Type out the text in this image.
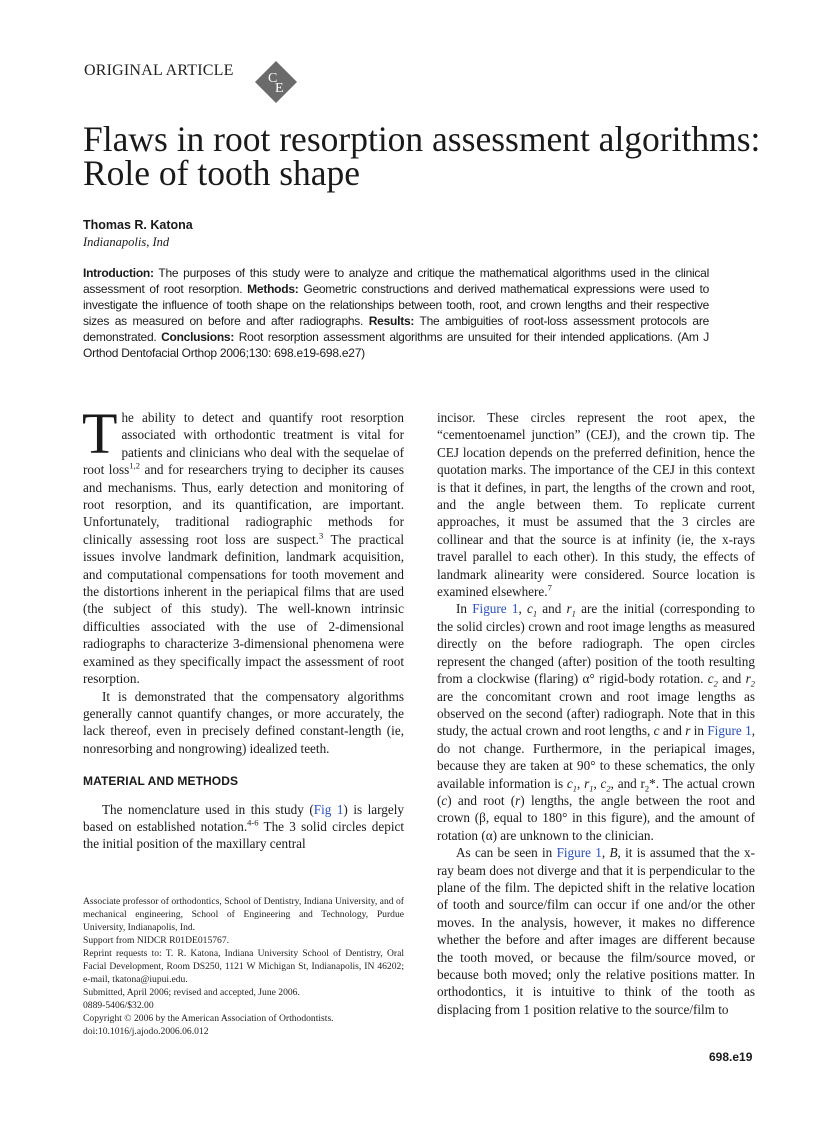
ORIGINAL ARTICLE C
E
Flaws in root resorption assessment algorithms:
Role of tooth shape
Thomas R. Katona
Indianapolis, Ind
Introduction: The purposes of this study were to analyze and critique the mathematical algorithms used in the clinical assessment of root resorption. Methods: Geometric constructions and derived mathematical expressions were used to investigate the influence of tooth shape on the relationships between tooth, root, and crown lengths and their respective sizes as measured on before and after radiographs. Results: The ambiguities of root-loss assessment protocols are demonstrated. Conclusions: Root resorption assessment algorithms are unsuited for their intended applications. (Am J Orthod Dentofacial Orthop 2006;130: 698.e19-698.e27)

The ability to detect and quantify root resorption associated with orthodontic treatment is vital for patients and clinicians who deal with the sequelae of root loss$^{1,2}$ and for researchers trying to decipher its causes and mechanisms. Thus, early detection and monitoring of root resorption, and its quantification, are important. Unfortunately, traditional radiographic methods for clinically assessing root loss are suspect.$^3$ The practical issues involve landmark definition, landmark acquisition, and computational compensations for tooth movement and the distortions inherent in the periapical films that are used (the subject of this study). The well-known intrinsic difficulties associated with the use of 2-dimensional radiographs to characterize 3-dimensional phenomena were examined as they specifically impact the assessment of root resorption.

It is demonstrated that the compensatory algorithms generally cannot quantify changes, or more accurately, the lack thereof, even in precisely defined constant-length (ie, nonresorbing and nongrowing) idealized teeth.

MATERIAL AND METHODS

The nomenclature used in this study (Fig 1) is largely based on established notation.$^{4-6}$ The 3 solid circles depict the initial position of the maxillary central

incisor. These circles represent the root apex, the “cementoenamel junction” (CEJ), and the crown tip. The CEJ location depends on the preferred definition, hence the quotation marks. The importance of the CEJ in this context is that it defines, in part, the lengths of the crown and root, and the angle between them. To replicate current approaches, it must be assumed that the 3 circles are collinear and that the source is at infinity (ie, the x-rays travel parallel to each other). In this study, the effects of landmark alinearity were considered. Source location is examined elsewhere.$^7$

In Figure 1, $c_1$ and $r_1$ are the initial (corresponding to the solid circles) crown and root image lengths as measured directly on the before radiograph. The open circles represent the changed (after) position of the tooth resulting from a clockwise (flaring) α° rigid-body rotation. $c_2$ and $r_2$ are the concomitant crown and root image lengths as observed on the second (after) radiograph. Note that in this study, the actual crown and root lengths, c and r in Figure 1, do not change. Furthermore, in the periapical images, because they are taken at 90° to these schematics, the only available information is $c_1$, $r_1$, $c_2$, and $r_2*$. The actual crown (c) and root (r) lengths, the angle between the root and crown (β, equal to 180° in this figure), and the amount of rotation (α) are unknown to the clinician.

As can be seen in Figure 1, B, it is assumed that the x-ray beam does not diverge and that it is perpendicular to the plane of the film. The depicted shift in the relative location of tooth and source/film can occur if one and/or the other moves. In the analysis, however, it makes no difference whether the before and after images are different because the tooth moved, or because the film/source moved, or because both moved; only the relative positions matter. In orthodontics, it is intuitive to think of the tooth as displacing from 1 position relative to the source/film to

Associate professor of orthodontics, School of Dentistry, Indiana University, and of mechanical engineering, School of Engineering and Technology, Purdue University, Indianapolis, Ind.
Support from NIDCR R01DE015767.
Reprint requests to: T. R. Katona, Indiana University School of Dentistry, Oral Facial Development, Room DS250, 1121 W Michigan St, Indianapolis, IN 46202; e-mail, tkatona@iupui.edu.
Submitted, April 2006; revised and accepted, June 2006.
0889-5406/$32.00
Copyright © 2006 by the American Association of Orthodontists.
doi:10.1016/j.ajodo.2006.06.012
698.e19
